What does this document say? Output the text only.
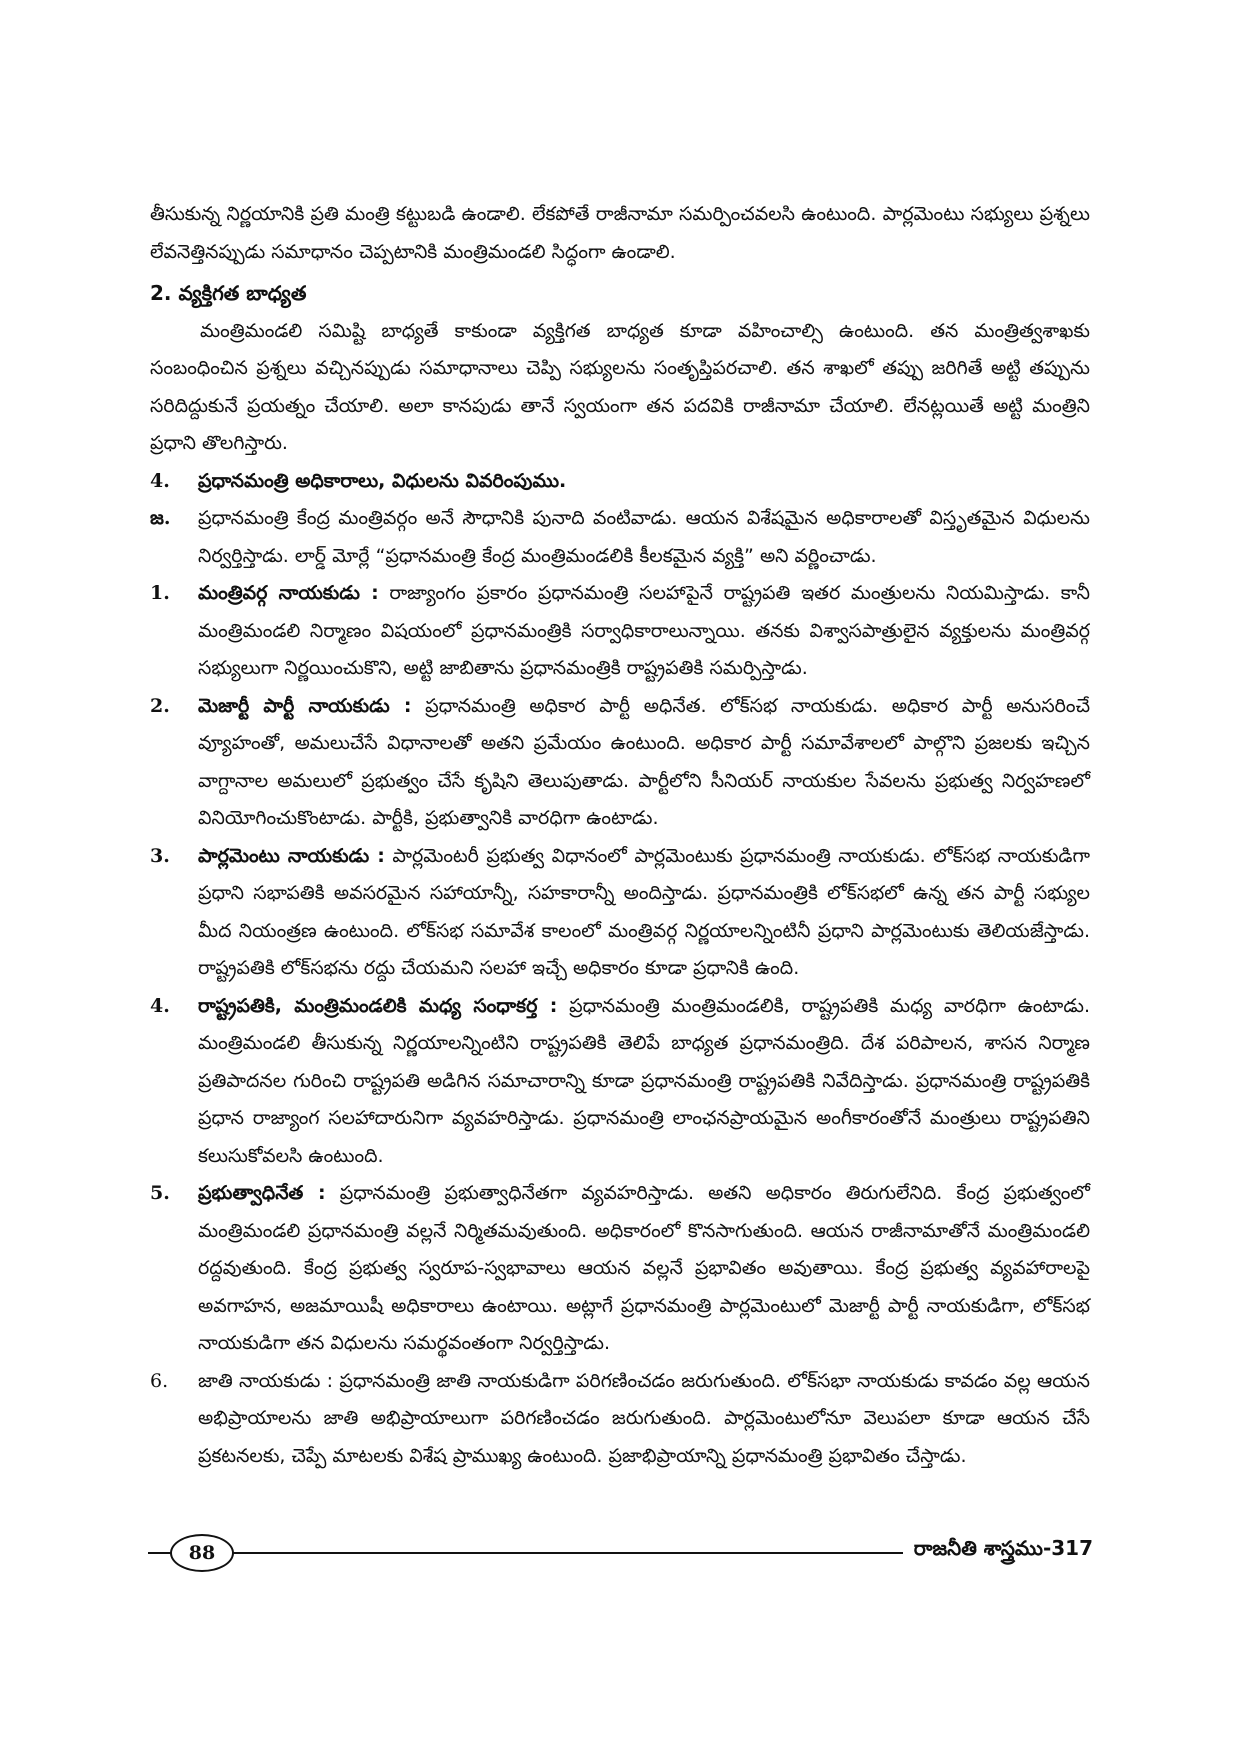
తీసుకున్న నిర్ణయానికి ప్రతి మంత్రి కట్టుబడి ఉండాలి. లేకపోతే రాజీనామా సమర్పించవలసి ఉంటుంది. పార్లమెంటు సభ్యులు ప్రశ్నలు లేవనెత్తినప్పుడు సమాధానం చెప్పటానికి మంత్రిమండలి సిద్ధంగా ఉండాలి.

2. వ్యక్తిగత బాధ్యత

మంత్రిమండలి సమిష్టి బాధ్యతే కాకుండా వ్యక్తిగత బాధ్యత కూడా వహించాల్సి ఉంటుంది. తన మంత్రిత్వశాఖకు సంబంధించిన ప్రశ్నలు వచ్చినప్పుడు సమాధానాలు చెప్పి సభ్యులను సంతృప్తిపరచాలి. తన శాఖలో తప్పు జరిగితే అట్టి తప్పును సరిదిద్దుకునే ప్రయత్నం చేయాలి. అలా కానపుడు తానే స్వయంగా తన పదవికి రాజీనామా చేయాలి. లేనట్లయితే అట్టి మంత్రిని ప్రధాని తొలగిస్తారు.

4.	ప్రధానమంత్రి అధికారాలు, విధులను వివరింపుము.
జ.	ప్రధానమంత్రి కేంద్ర మంత్రివర్గం అనే సౌధానికి పునాది వంటివాడు. ఆయన విశేషమైన అధికారాలతో విస్తృతమైన విధులను నిర్వర్తిస్తాడు. లార్డ్ మోర్లే “ప్రధానమంత్రి కేంద్ర మంత్రిమండలికి కీలకమైన వ్యక్తి” అని వర్ణించాడు.
1.	మంత్రివర్గ నాయకుడు : రాజ్యాంగం ప్రకారం ప్రధానమంత్రి సలహాపైనే రాష్ట్రపతి ఇతర మంత్రులను నియమిస్తాడు. కానీ మంత్రిమండలి నిర్మాణం విషయంలో ప్రధానమంత్రికి సర్వాధికారాలున్నాయి. తనకు విశ్వాసపాత్రులైన వ్యక్తులను మంత్రివర్గ సభ్యులుగా నిర్ణయించుకొని, అట్టి జాబితాను ప్రధానమంత్రికి రాష్ట్రపతికి సమర్పిస్తాడు.
2.	మెజార్టీ పార్టీ నాయకుడు : ప్రధానమంత్రి అధికార పార్టీ అధినేత. లోక్‌సభ నాయకుడు. అధికార పార్టీ అనుసరించే వ్యూహంతో, అమలుచేసే విధానాలతో అతని ప్రమేయం ఉంటుంది. అధికార పార్టీ సమావేశాలలో పాల్గొని ప్రజలకు ఇచ్చిన వాగ్దానాల అమలులో ప్రభుత్వం చేసే కృషిని తెలుపుతాడు. పార్టీలోని సీనియర్ నాయకుల సేవలను ప్రభుత్వ నిర్వహణలో వినియోగించుకొంటాడు. పార్టీకి, ప్రభుత్వానికి వారధిగా ఉంటాడు.
3.	పార్లమెంటు నాయకుడు : పార్లమెంటరీ ప్రభుత్వ విధానంలో పార్లమెంటుకు ప్రధానమంత్రి నాయకుడు. లోక్‌సభ నాయకుడిగా ప్రధాని సభాపతికి అవసరమైన సహాయాన్నీ, సహకారాన్నీ అందిస్తాడు. ప్రధానమంత్రికి లోక్‌సభలో ఉన్న తన పార్టీ సభ్యుల మీద నియంత్రణ ఉంటుంది. లోక్‌సభ సమావేశ కాలంలో మంత్రివర్గ నిర్ణయాలన్నింటినీ ప్రధాని పార్లమెంటుకు తెలియజేస్తాడు. రాష్ట్రపతికి లోక్‌సభను రద్దు చేయమని సలహా ఇచ్చే అధికారం కూడా ప్రధానికి ఉంది.
4.	రాష్ట్రపతికి, మంత్రిమండలికి మధ్య సంధాకర్త : ప్రధానమంత్రి మంత్రిమండలికి, రాష్ట్రపతికి మధ్య వారధిగా ఉంటాడు. మంత్రిమండలి తీసుకున్న నిర్ణయాలన్నింటిని రాష్ట్రపతికి తెలిపే బాధ్యత ప్రధానమంత్రిది. దేశ పరిపాలన, శాసన నిర్మాణ ప్రతిపాదనల గురించి రాష్ట్రపతి అడిగిన సమాచారాన్ని కూడా ప్రధానమంత్రి రాష్ట్రపతికి నివేదిస్తాడు. ప్రధానమంత్రి రాష్ట్రపతికి ప్రధాన రాజ్యాంగ సలహాదారునిగా వ్యవహరిస్తాడు. ప్రధానమంత్రి లాంఛనప్రాయమైన అంగీకారంతోనే మంత్రులు రాష్ట్రపతిని కలుసుకోవలసి ఉంటుంది.
5.	ప్రభుత్వాధినేత : ప్రధానమంత్రి ప్రభుత్వాధినేతగా వ్యవహరిస్తాడు. అతని అధికారం తిరుగులేనిది. కేంద్ర ప్రభుత్వంలో మంత్రిమండలి ప్రధానమంత్రి వల్లనే నిర్మితమవుతుంది. అధికారంలో కొనసాగుతుంది. ఆయన రాజీనామాతోనే మంత్రిమండలి రద్దవుతుంది. కేంద్ర ప్రభుత్వ స్వరూప-స్వభావాలు ఆయన వల్లనే ప్రభావితం అవుతాయి. కేంద్ర ప్రభుత్వ వ్యవహారాలపై అవగాహన, అజమాయిషీ అధికారాలు ఉంటాయి. అట్లాగే ప్రధానమంత్రి పార్లమెంటులో మెజార్టీ పార్టీ నాయకుడిగా, లోక్‌సభ నాయకుడిగా తన విధులను సమర్థవంతంగా నిర్వర్తిస్తాడు.
6.	జాతి నాయకుడు : ప్రధానమంత్రి జాతి నాయకుడిగా పరిగణించడం జరుగుతుంది. లోక్‌సభా నాయకుడు కావడం వల్ల ఆయన అభిప్రాయాలను జాతి అభిప్రాయాలుగా పరిగణించడం జరుగుతుంది. పార్లమెంటులోనూ వెలుపలా కూడా ఆయన చేసే ప్రకటనలకు, చెప్పే మాటలకు విశేష ప్రాముఖ్య ఉంటుంది. ప్రజాభిప్రాయాన్ని ప్రధానమంత్రి ప్రభావితం చేస్తాడు.
88	రాజనీతి శాస్త్రము-317
